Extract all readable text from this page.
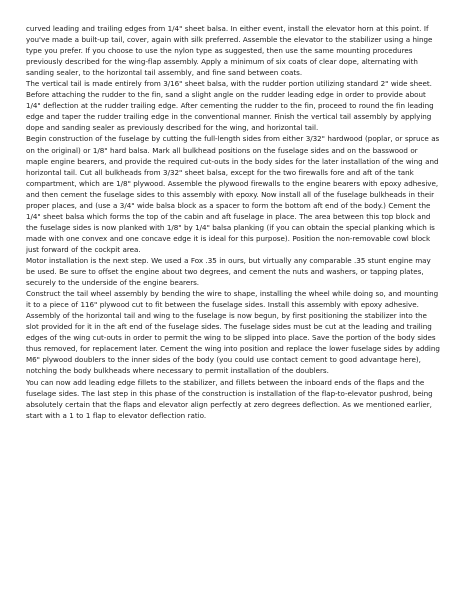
curved leading and trailing edges from 1/4" sheet balsa. In either event, install the elevator horn at this point. If you've made a built-up tail, cover, again with silk preferred. Assemble the elevator to the stabilizer using a hinge type you prefer. If you choose to use the nylon type as suggested, then use the same mounting procedures previously described for the wing-flap assembly. Apply a minimum of six coats of clear dope, alternating with sanding sealer, to the horizontal tail assembly, and fine sand between coats.

The vertical tail is made entirely from 3/16" sheet balsa, with the rudder portion utilizing standard 2" wide sheet. Before attaching the rudder to the fin, sand a slight angle on the rudder leading edge in order to provide about 1/4" deflection at the rudder trailing edge. After cementing the rudder to the fin, proceed to round the fin leading edge and taper the rudder trailing edge in the conventional manner. Finish the vertical tail assembly by applying dope and sanding sealer as previously described for the wing, and horizontal tail.

Begin construction of the fuselage by cutting the full-length sides from either 3/32" hardwood (poplar, or spruce as on the original) or 1/8" hard balsa. Mark all bulkhead positions on the fuselage sides and on the basswood or maple engine bearers, and provide the required cut-outs in the body sides for the later installation of the wing and horizontal tail. Cut all bulkheads from 3/32" sheet balsa, except for the two firewalls fore and aft of the tank compartment, which are 1/8" plywood. Assemble the plywood firewalls to the engine bearers with epoxy adhesive, and then cement the fuselage sides to this assembly with epoxy. Now install all of the fuselage bulkheads in their proper places, and (use a 3/4" wide balsa block as a spacer to form the bottom aft end of the body.) Cement the 1/4" sheet balsa which forms the top of the cabin and aft fuselage in place. The area between this top block and the fuselage sides is now planked with 1/8" by 1/4" balsa planking (if you can obtain the special planking which is made with one convex and one concave edge it is ideal for this purpose). Position the non-removable cowl block just forward of the cockpit area.

Motor installation is the next step. We used a Fox .35 in ours, but virtually any comparable .35 stunt engine may be used. Be sure to offset the engine about two degrees, and cement the nuts and washers, or tapping plates, securely to the underside of the engine bearers.

Construct the tail wheel assembly by bending the wire to shape, installing the wheel while doing so, and mounting it to a piece of 116" plywood cut to fit between the fuselage sides. Install this assembly with epoxy adhesive.

Assembly of the horizontal tail and wing to the fuselage is now begun, by first positioning the stabilizer into the slot provided for it in the aft end of the fuselage sides. The fuselage sides must be cut at the leading and trailing edges of the wing cut-outs in order to permit the wing to be slipped into place. Save the portion of the body sides thus removed, for replacement later. Cement the wing into position and replace the lower fuselage sides by adding M6" plywood doublers to the inner sides of the body (you could use contact cement to good advantage here), notching the body bulkheads where necessary to permit installation of the doublers.

You can now add leading edge fillets to the stabilizer, and fillets between the inboard ends of the flaps and the fuselage sides. The last step in this phase of the construction is installation of the flap-to-elevator pushrod, being absolutely certain that the flaps and elevator align perfectly at zero degrees deflection. As we mentioned earlier, start with a 1 to 1 flap to elevator deflection ratio.
